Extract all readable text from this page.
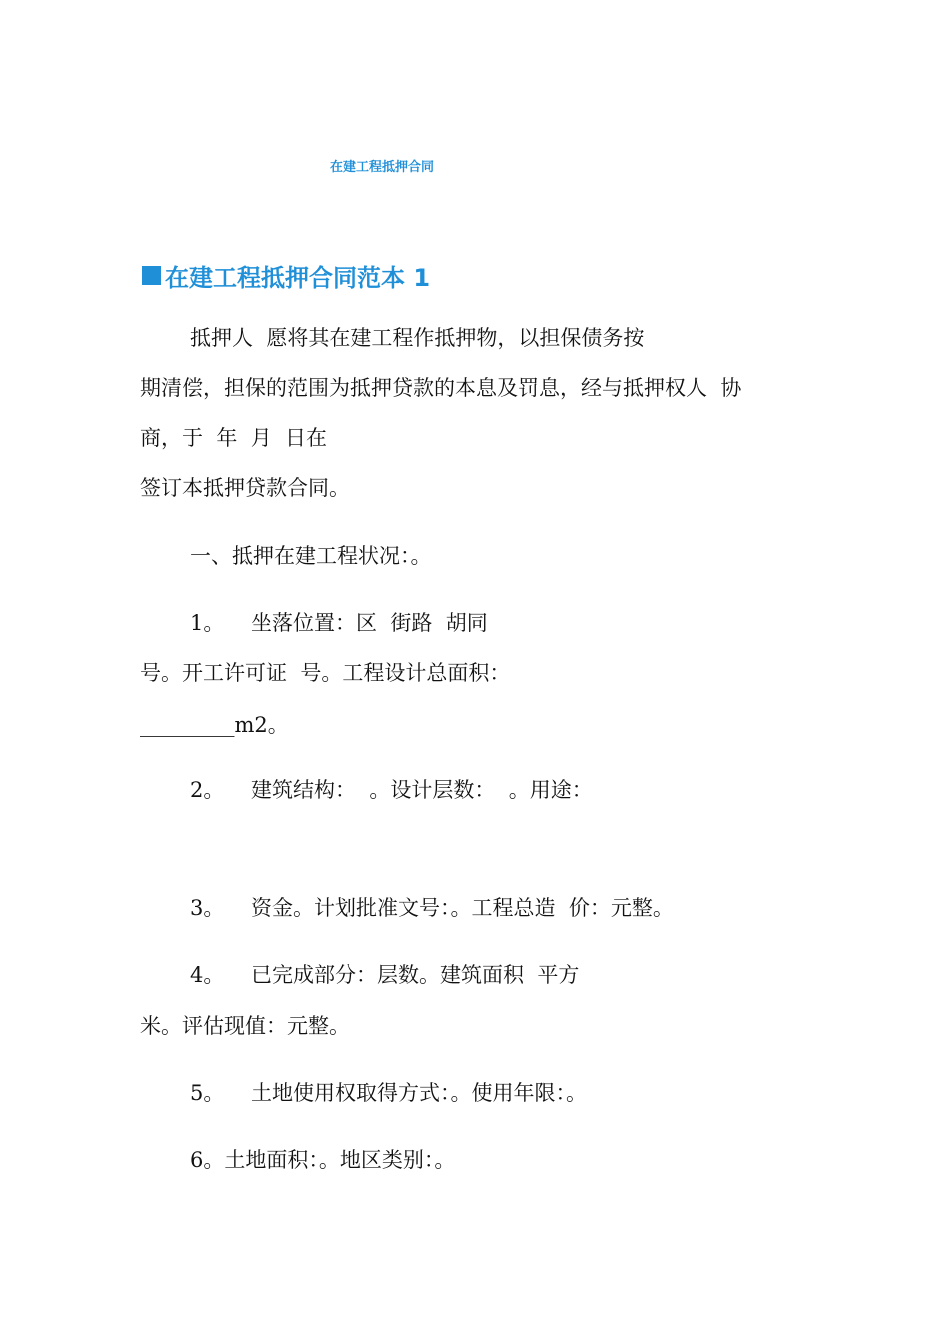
在建工程抵押合同
在建工程抵押合同范本 1
抵押人  愿将其在建工程作抵押物，以担保债务按
期清偿，担保的范围为抵押贷款的本息及罚息，经与抵押权人  协
商，于  年  月  日在
签订本抵押贷款合同。
一、抵押在建工程状况：。
1。    坐落位置：区  街路  胡同
号。开工许可证  号。工程设计总面积：
_________m2。
2。    建筑结构：  。设计层数：  。用途：
3。    资金。计划批准文号：。工程总造  价：元整。
4。    已完成部分：层数。建筑面积  平方
米。评估现值：元整。
5。    土地使用权取得方式：。使用年限：。
6。土地面积：。地区类别：。
